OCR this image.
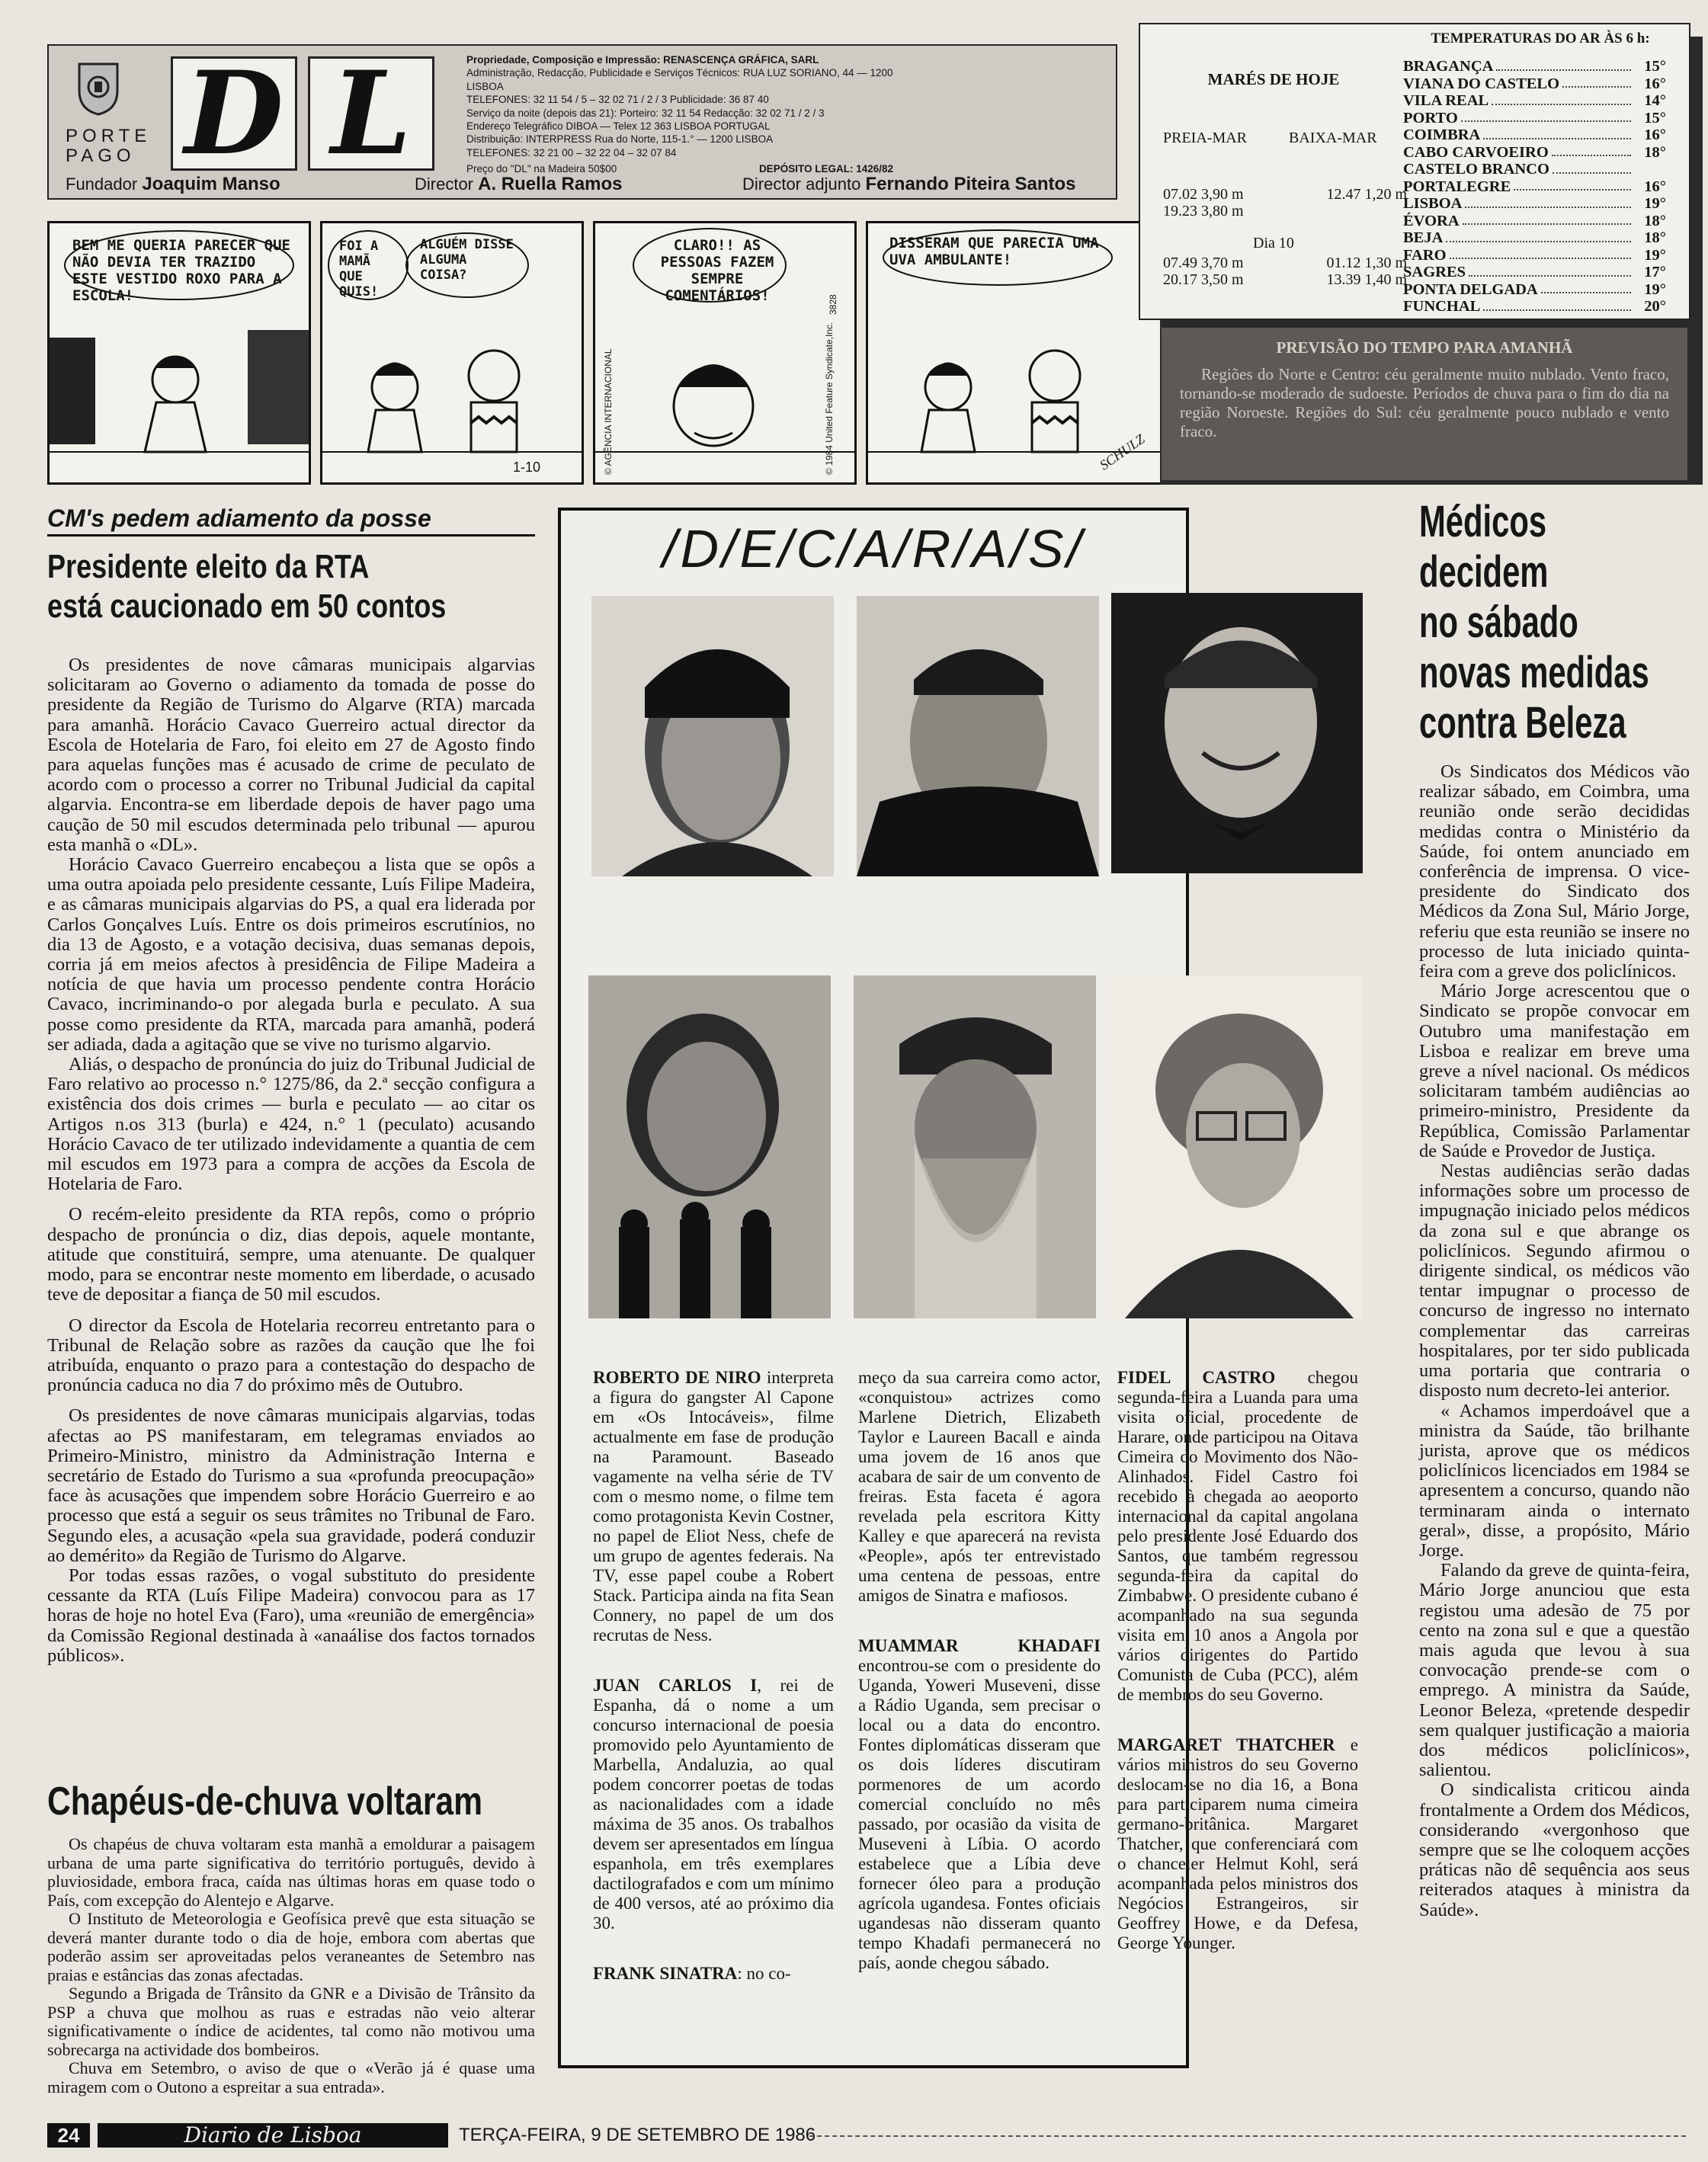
PORTE
PAGO D L	Propriedade, Composição e Impressão: RENASCENÇA GRÁFICA, SARL
Administração, Redacção, Publicidade e Serviços Técnicos: RUA LUZ SORIANO, 44 — 1200 LISBOA
TELEFONES: 32 11 54 / 5 – 32 02 71 / 2 / 3 Publicidade: 36 87 40
Serviço da noite (depois das 21): Porteiro: 32 11 54 Redacção: 32 02 71 / 2 / 3
Endereço Telegráfico DIBOA — Telex 12 363 LISBOA PORTUGAL
Distribuição: INTERPRESS Rua do Norte, 115-1.° — 1200 LISBOA
TELEFONES: 32 21 00 – 32 22 04 – 32 07 84
Preço do "DL" na Madeira 50$00	DEPÓSITO LEGAL: 1426/82
Fundador Joaquim Manso	Director A. Ruella Ramos	Director adjunto Fernando Piteira Santos
BEM ME QUERIA PARECER QUE NÃO DEVIA TER TRAZIDO ESTE VESTIDO ROXO PARA A ESCOLA!
FOI A MAMÃ QUE QUIS!
ALGUÉM DISSE ALGUMA COISA?
1-10
CLARO!! AS PESSOAS FAZEM SEMPRE COMENTÁRIOS!
© 1984 United Feature Syndicate,Inc.
© AGÊNCIA INTERNACIONAL
3828
DISSERAM QUE PARECIA UMA UVA AMBULANTE!
SCHULZ
PREVISÃO DO TEMPO PARA AMANHÃ
Regiões do Norte e Centro: céu geralmente muito nublado. Vento fraco, tornando-se moderado de sudoeste. Períodos de chuva para o fim do dia na região Noroeste. Regiões do Sul: céu geralmente pouco nublado e vento fraco.
MARÉS DE HOJE
PREIA-MAR	BAIXA-MAR
07.02 3,90 m	12.47 1,20 m
19.23 3,80 m
Dia 10
07.49 3,70 m	01.12 1,30 m
20.17 3,50 m	13.39 1,40 m
TEMPERATURAS DO AR ÀS 6 h:
BRAGANÇA	15°
VIANA DO CASTELO	16°
VILA REAL	14°
PORTO	15°
COIMBRA	16°
CABO CARVOEIRO	18°
CASTELO BRANCO
PORTALEGRE	16°
LISBOA	19°
ÉVORA	18°
BEJA	18°
FARO	19°
SAGRES	17°
PONTA DELGADA	19°
FUNCHAL	20°
CM's pedem adiamento da posse
Presidente eleito da RTA
está caucionado em 50 contos

Os presidentes de nove câmaras municipais algarvias solicitaram ao Governo o adiamento da tomada de posse do presidente da Região de Turismo do Algarve (RTA) marcada para amanhã. Horácio Cavaco Guerreiro actual director da Escola de Hotelaria de Faro, foi eleito em 27 de Agosto findo para aquelas funções mas é acusado de crime de peculato de acordo com o processo a correr no Tribunal Judicial da capital algarvia. Encontra-se em liberdade depois de haver pago uma caução de 50 mil escudos determinada pelo tribunal — apurou esta manhã o «DL».

Horácio Cavaco Guerreiro encabeçou a lista que se opôs a uma outra apoiada pelo presidente cessante, Luís Filipe Madeira, e as câmaras municipais algarvias do PS, a qual era liderada por Carlos Gonçalves Luís. Entre os dois primeiros escrutínios, no dia 13 de Agosto, e a votação decisiva, duas semanas depois, corria já em meios afectos à presidência de Filipe Madeira a notícia de que havia um processo pendente contra Horácio Cavaco, incriminando-o por alegada burla e peculato. A sua posse como presidente da RTA, marcada para amanhã, poderá ser adiada, dada a agitação que se vive no turismo algarvio.

Aliás, o despacho de pronúncia do juiz do Tribunal Judicial de Faro relativo ao processo n.° 1275/86, da 2.ª secção configura a existência dos dois crimes — burla e peculato — ao citar os Artigos n.os 313 (burla) e 424, n.° 1 (peculato) acusando Horácio Cavaco de ter utilizado indevidamente a quantia de cem mil escudos em 1973 para a compra de acções da Escola de Hotelaria de Faro.

O recém-eleito presidente da RTA repôs, como o próprio despacho de pronúncia o diz, dias depois, aquele montante, atitude que constituirá, sempre, uma atenuante. De qualquer modo, para se encontrar neste momento em liberdade, o acusado teve de depositar a fiança de 50 mil escudos.

O director da Escola de Hotelaria recorreu entretanto para o Tribunal de Relação sobre as razões da caução que lhe foi atribuída, enquanto o prazo para a contestação do despacho de pronúncia caduca no dia 7 do próximo mês de Outubro.

Os presidentes de nove câmaras municipais algarvias, todas afectas ao PS manifestaram, em telegramas enviados ao Primeiro-Ministro, ministro da Administração Interna e secretário de Estado do Turismo a sua «profunda preocupação» face às acusações que impendem sobre Horácio Guerreiro e ao processo que está a seguir os seus trâmites no Tribunal de Faro. Segundo eles, a acusação «pela sua gravidade, poderá conduzir ao demérito» da Região de Turismo do Algarve.

Por todas essas razões, o vogal substituto do presidente cessante da RTA (Luís Filipe Madeira) convocou para as 17 horas de hoje no hotel Eva (Faro), uma «reunião de emergência» da Comissão Regional destinada à «anaálise dos factos tornados públicos».

Chapéus-de-chuva voltaram

Os chapéus de chuva voltaram esta manhã a emoldurar a paisagem urbana de uma parte significativa do território português, devido à pluviosidade, embora fraca, caída nas últimas horas em quase todo o País, com excepção do Alentejo e Algarve.

O Instituto de Meteorologia e Geofísica prevê que esta situação se deverá manter durante todo o dia de hoje, embora com abertas que poderão assim ser aproveitadas pelos veraneantes de Setembro nas praias e estâncias das zonas afectadas.

Segundo a Brigada de Trânsito da GNR e a Divisão de Trânsito da PSP a chuva que molhou as ruas e estradas não veio alterar significativamente o índice de acidentes, tal como não motivou uma sobrecarga na actividade dos bombeiros.

Chuva em Setembro, o aviso de que o «Verão já é quase uma miragem com o Outono a espreitar a sua entrada».

/D/E/C/A/R/A/S/
ROBERTO DE NIRO interpreta a figura do gangster Al Capone em «Os Intocáveis», filme actualmente em fase de produção na Paramount. Baseado vagamente na velha série de TV com o mesmo nome, o filme tem como protagonista Kevin Costner, no papel de Eliot Ness, chefe de um grupo de agentes federais. Na TV, esse papel coube a Robert Stack. Participa ainda na fita Sean Connery, no papel de um dos recrutas de Ness.
JUAN CARLOS I, rei de Espanha, dá o nome a um concurso internacional de poesia promovido pelo Ayuntamiento de Marbella, Andaluzia, ao qual podem concorrer poetas de todas as nacionalidades com a idade máxima de 35 anos. Os trabalhos devem ser apresentados em língua espanhola, em três exemplares dactilografados e com um mínimo de 400 versos, até ao próximo dia 30.
FRANK SINATRA: no co-
meço da sua carreira como actor, «conquistou» actrizes como Marlene Dietrich, Elizabeth Taylor e Laureen Bacall e ainda uma jovem de 16 anos que acabara de sair de um convento de freiras. Esta faceta é agora revelada pela escritora Kitty Kalley e que aparecerá na revista «People», após ter entrevistado uma centena de pessoas, entre amigos de Sinatra e mafiosos.
MUAMMAR KHADAFI encontrou-se com o presidente do Uganda, Yoweri Museveni, disse a Rádio Uganda, sem precisar o local ou a data do encontro. Fontes diplomáticas disseram que os dois líderes discutiram pormenores de um acordo comercial concluído no mês passado, por ocasião da visita de Museveni à Líbia. O acordo estabelece que a Líbia deve fornecer óleo para a produção agrícola ugandesa. Fontes oficiais ugandesas não disseram quanto tempo Khadafi permanecerá no país, aonde chegou sábado.
FIDEL CASTRO chegou segunda-feira a Luanda para uma visita oficial, procedente de Harare, onde participou na Oitava Cimeira do Movimento dos Não-Alinhados. Fidel Castro foi recebido à chegada ao aeoporto internacional da capital angolana pelo presidente José Eduardo dos Santos, que também regressou segunda-feira da capital do Zimbabwe. O presidente cubano é acompanhado na sua segunda visita em 10 anos a Angola por vários dirigentes do Partido Comunista de Cuba (PCC), além de membros do seu Governo.
MARGARET THATCHER e vários ministros do seu Governo deslocam-se no dia 16, a Bona para participarem numa cimeira germano-britânica. Margaret Thatcher, que conferenciará com o chanceler Helmut Kohl, será acompanhada pelos ministros dos Negócios Estrangeiros, sir Geoffrey Howe, e da Defesa, George Younger.
Médicos
decidem
no sábado
novas medidas
contra Beleza

Os Sindicatos dos Médicos vão realizar sábado, em Coimbra, uma reunião onde serão decididas medidas contra o Ministério da Saúde, foi ontem anunciado em conferência de imprensa. O vice-presidente do Sindicato dos Médicos da Zona Sul, Mário Jorge, referiu que esta reunião se insere no processo de luta iniciado quinta-feira com a greve dos policlínicos.

Mário Jorge acrescentou que o Sindicato se propõe convocar em Outubro uma manifestação em Lisboa e realizar em breve uma greve a nível nacional. Os médicos solicitaram também audiências ao primeiro-ministro, Presidente da República, Comissão Parlamentar de Saúde e Provedor de Justiça.

Nestas audiências serão dadas informações sobre um processo de impugnação iniciado pelos médicos da zona sul e que abrange os policlínicos. Segundo afirmou o dirigente sindical, os médicos vão tentar impugnar o processo de concurso de ingresso no internato complementar das carreiras hospitalares, por ter sido publicada uma portaria que contraria o disposto num decreto-lei anterior.

« Achamos imperdoável que a ministra da Saúde, tão brilhante jurista, aprove que os médicos policlínicos licenciados em 1984 se apresentem a concurso, quando não terminaram ainda o internato geral», disse, a propósito, Mário Jorge.

Falando da greve de quinta-feira, Mário Jorge anunciou que esta registou uma adesão de 75 por cento na zona sul e que a questão mais aguda que levou à sua convocação prende-se com o emprego. A ministra da Saúde, Leonor Beleza, «pretende despedir sem qualquer justificação a maioria dos médicos policlínicos», salientou.

O sindicalista criticou ainda frontalmente a Ordem dos Médicos, considerando «vergonhoso que sempre que se lhe coloquem acções práticas não dê sequência aos seus reiterados ataques à ministra da Saúde».

24	Diario de Lisboa	TERÇA-FEIRA, 9 DE SETEMBRO DE 1986
